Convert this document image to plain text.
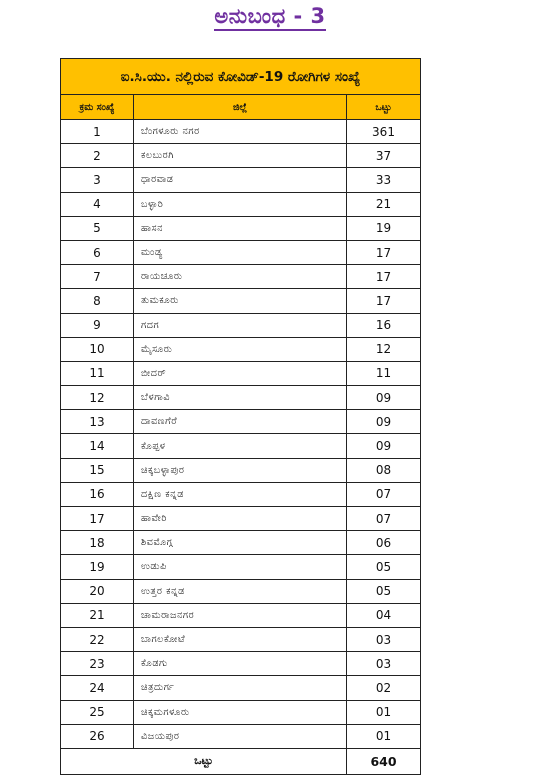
ಅನುಬಂಧ - 3
ಐ.ಸಿ.ಯು. ನಲ್ಲಿರುವ ಕೋವಿಡ್-19 ರೋಗಿಗಳ ಸಂಖ್ಯೆ		
ಕ್ರಮ ಸಂಖ್ಯೆ	ಜಿಲ್ಲೆ	ಒಟ್ಟು
1	ಬೆಂಗಳೂರು ನಗರ	361
2	ಕಲಬುರಗಿ	37
3	ಧಾರವಾಡ	33
4	ಬಳ್ಳಾರಿ	21
5	ಹಾಸನ	19
6	ಮಂಡ್ಯ	17
7	ರಾಯಚೂರು	17
8	ತುಮಕೂರು	17
9	ಗದಗ	16
10	ಮೈಸೂರು	12
11	ಬೀದರ್	11
12	ಬೆಳಗಾವಿ	09
13	ದಾವಣಗೆರೆ	09
14	ಕೊಪ್ಪಳ	09
15	ಚಿಕ್ಕಬಳ್ಳಾಪುರ	08
16	ದಕ್ಷಿಣ ಕನ್ನಡ	07
17	ಹಾವೇರಿ	07
18	ಶಿವಮೊಗ್ಗ	06
19	ಉಡುಪಿ	05
20	ಉತ್ತರ ಕನ್ನಡ	05
21	ಚಾಮರಾಜನಗರ	04
22	ಬಾಗಲಕೋಟೆ	03
23	ಕೊಡಗು	03
24	ಚಿತ್ರದುರ್ಗ	02
25	ಚಿಕ್ಕಮಗಳೂರು	01
26	ವಿಜಯಪುರ	01
ಒಟ್ಟು		640
